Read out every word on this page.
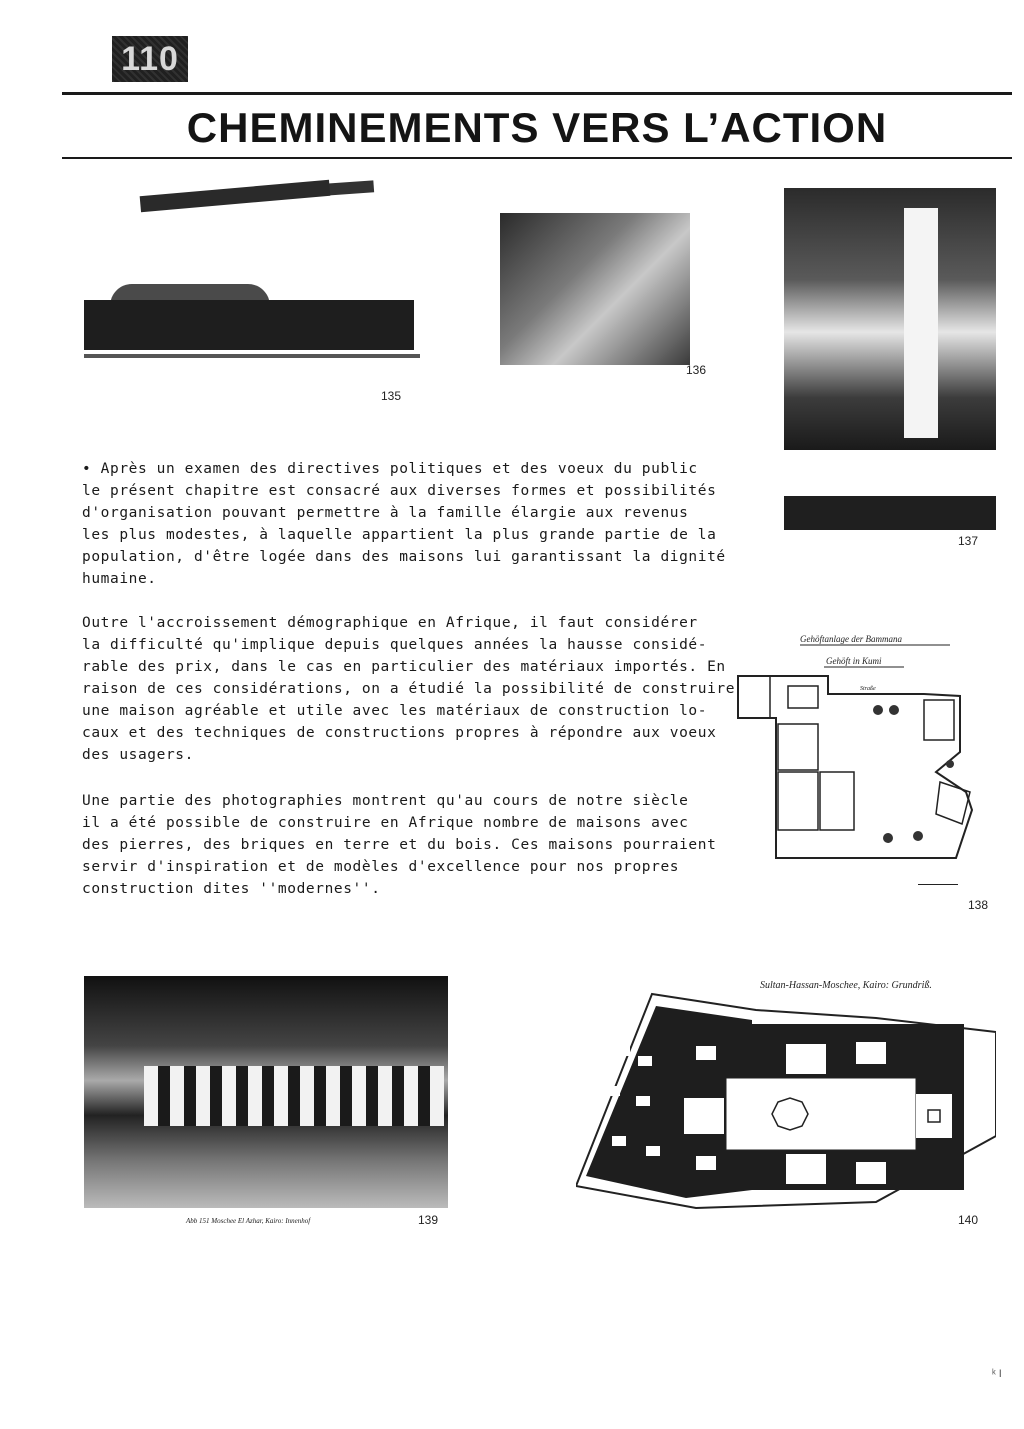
110
CHEMINEMENTS VERS L’ACTION
135
136
137
• Après un examen des directives politiques et des voeux du public
le présent chapitre est consacré aux diverses formes et possibilités
d'organisation pouvant permettre à la famille élargie aux revenus
les plus modestes, à laquelle appartient la plus grande partie de la
population, d'être logée dans des maisons lui garantissant la dignité
humaine.
Outre l'accroissement démographique en Afrique, il faut considérer
la difficulté qu'implique depuis quelques années la hausse considé-
rable des prix, dans le cas en particulier des matériaux importés. En
raison de ces considérations, on a étudié la possibilité de construire
une maison agréable et utile avec les matériaux de construction lo-
caux et des techniques de constructions propres à répondre aux voeux
des usagers.
Une partie des photographies montrent qu'au cours de notre siècle
il a été possible de construire en Afrique nombre de maisons avec
des pierres, des briques en terre et du bois. Ces maisons pourraient
servir d'inspiration et de modèles d'excellence pour nos propres
construction dites ''modernes''.
Gehöftanlage der Bammana
Gehöft in Kumi
Straße
138
Abb 151 Moschee El Azhar, Kairo: Innenhof	139
Sultan-Hassan-Moschee, Kairo: Grundriß.
140
ᵏ I
